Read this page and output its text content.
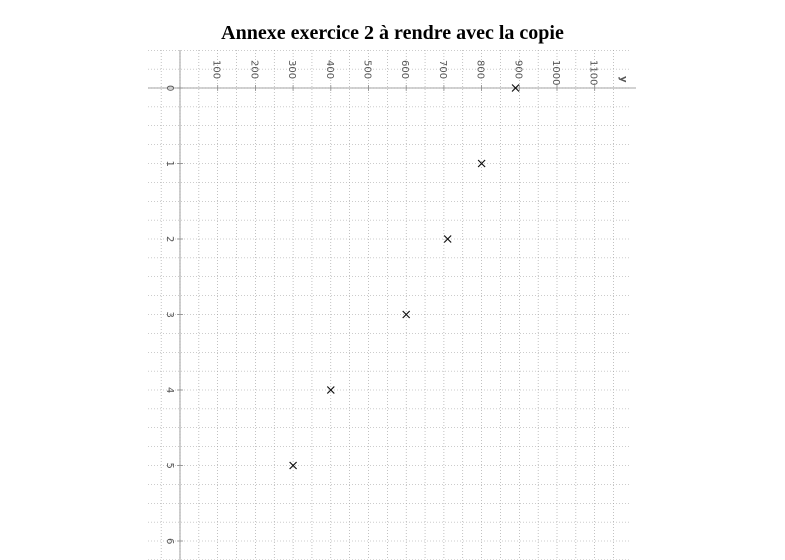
Annexe exercice 2 à rendre avec la copie
y
100	200	300	400	500	600	700	800	900	1000	1100
0
1
2
3
4
5
6
